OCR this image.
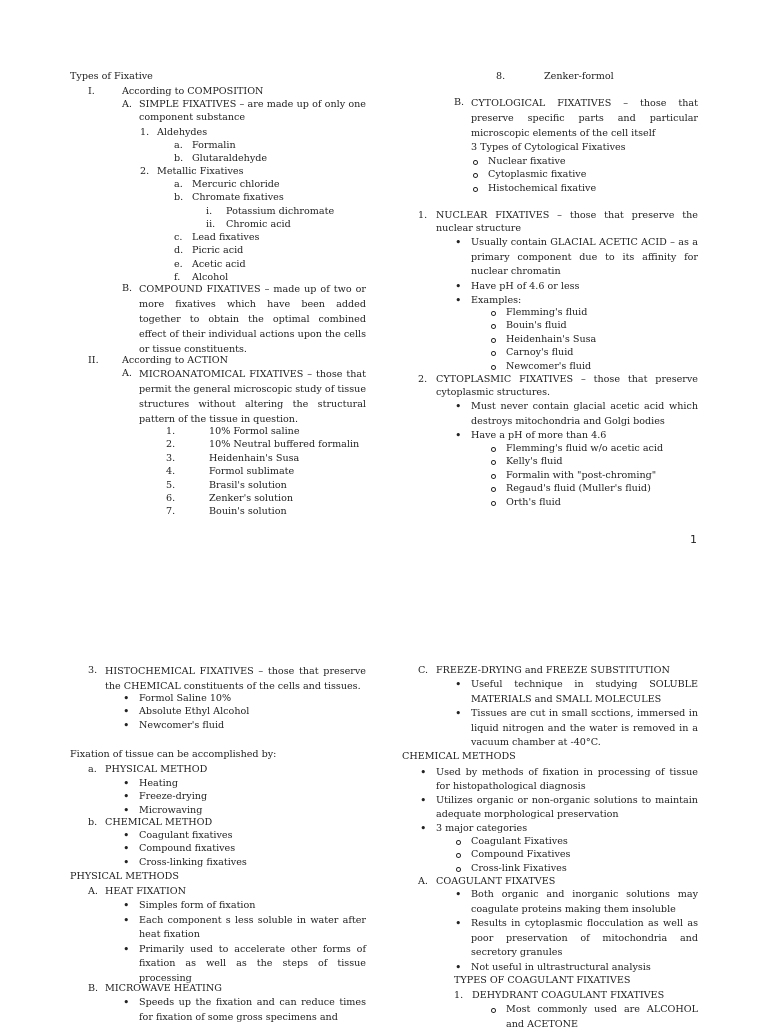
Types of Fixative
I.	According to COMPOSITION
A. SIMPLE FIXATIVES – are made up of only one component substance
1. Aldehydes
a. Formalin
b. Glutaraldehyde
2. Metallic Fixatives
a. Mercuric chloride
b. Chromate fixatives
i. Potassium dichromate
ii. Chromic acid
c. Lead fixatives
d. Picric acid
e. Acetic acid
f. Alcohol
B. COMPOUND FIXATIVES – made up of two or more fixatives which have been added together to obtain the optimal combined effect of their individual actions upon the cells or tissue constituents.
II. According to ACTION
A. MICROANATOMICAL FIXATIVES – those that permit the general microscopic study of tissue structures without altering the structural pattern of the tissue in question.
1.	10% Formol saline
2.	10% Neutral buffered formalin
3.	Heidenhain's Susa
4.	Formol sublimate
5.	Brasil's solution
6.	Zenker's solution
7.	Bouin's solution
8.	Zenker-formol
B. CYTOLOGICAL FIXATIVES – those that preserve specific parts and particular microscopic elements of the cell itself
3 Types of Cytological Fixatives
Nuclear fixative
Cytoplasmic fixative
Histochemical fixative
1. NUCLEAR FIXATIVES – those that preserve the nuclear structure
• Usually contain GLACIAL ACETIC ACID – as a primary component due to its affinity for nuclear chromatin
• Have pH of 4.6 or less
• Examples:
Flemming's fluid
Bouin's fluid
Heidenhain's Susa
Carnoy's fluid
Newcomer's fluid
2. CYTOPLASMIC FIXATIVES – those that preserve cytoplasmic structures.
• Must never contain glacial acetic acid which destroys mitochondria and Golgi bodies
• Have a pH of more than 4.6
Flemming's fluid w/o acetic acid
Kelly's fluid
Formalin with "post-chroming"
Regaud's fluid (Muller's fluid)
Orth's fluid
1
3. HISTOCHEMICAL FIXATIVES – those that preserve the CHEMICAL constituents of the cells and tissues.
• Formol Saline 10%
• Absolute Ethyl Alcohol
• Newcomer's fluid
Fixation of tissue can be accomplished by:
a. PHYSICAL METHOD
• Heating
• Freeze-drying
• Microwaving
b. CHEMICAL METHOD
• Coagulant fixatives
• Compound fixatives
• Cross-linking fixatives
PHYSICAL METHODS
A. HEAT FIXATION
• Simples form of fixation
• Each component s less soluble in water after heat fixation
• Primarily used to accelerate other forms of fixation as well as the steps of tissue processing
B. MICROWAVE HEATING
• Speeds up the fixation and can reduce times for fixation of some gross specimens and
C. FREEZE-DRYING and FREEZE SUBSTITUTION
• Useful technique in studying SOLUBLE MATERIALS and SMALL MOLECULES
• Tissues are cut in small scctions, immersed in liquid nitrogen and the water is removed in a vacuum chamber at -40°C.
CHEMICAL METHODS
• Used by methods of fixation in processing of tissue for histopathological diagnosis
• Utilizes organic or non-organic solutions to maintain adequate morphological preservation
• 3 major categories
Coagulant Fixatives
Compound Fixatives
Cross-link Fixatives
A. COAGULANT FIXATVES
• Both organic and inorganic solutions may coagulate proteins making them insoluble
• Results in cytoplasmic flocculation as well as poor preservation of mitochondria and secretory granules
• Not useful in ultrastructural analysis
TYPES OF COAGULANT FIXATIVES
1. DEHYDRANT COAGULANT FIXATIVES
Most commonly used are ALCOHOL and ACETONE
